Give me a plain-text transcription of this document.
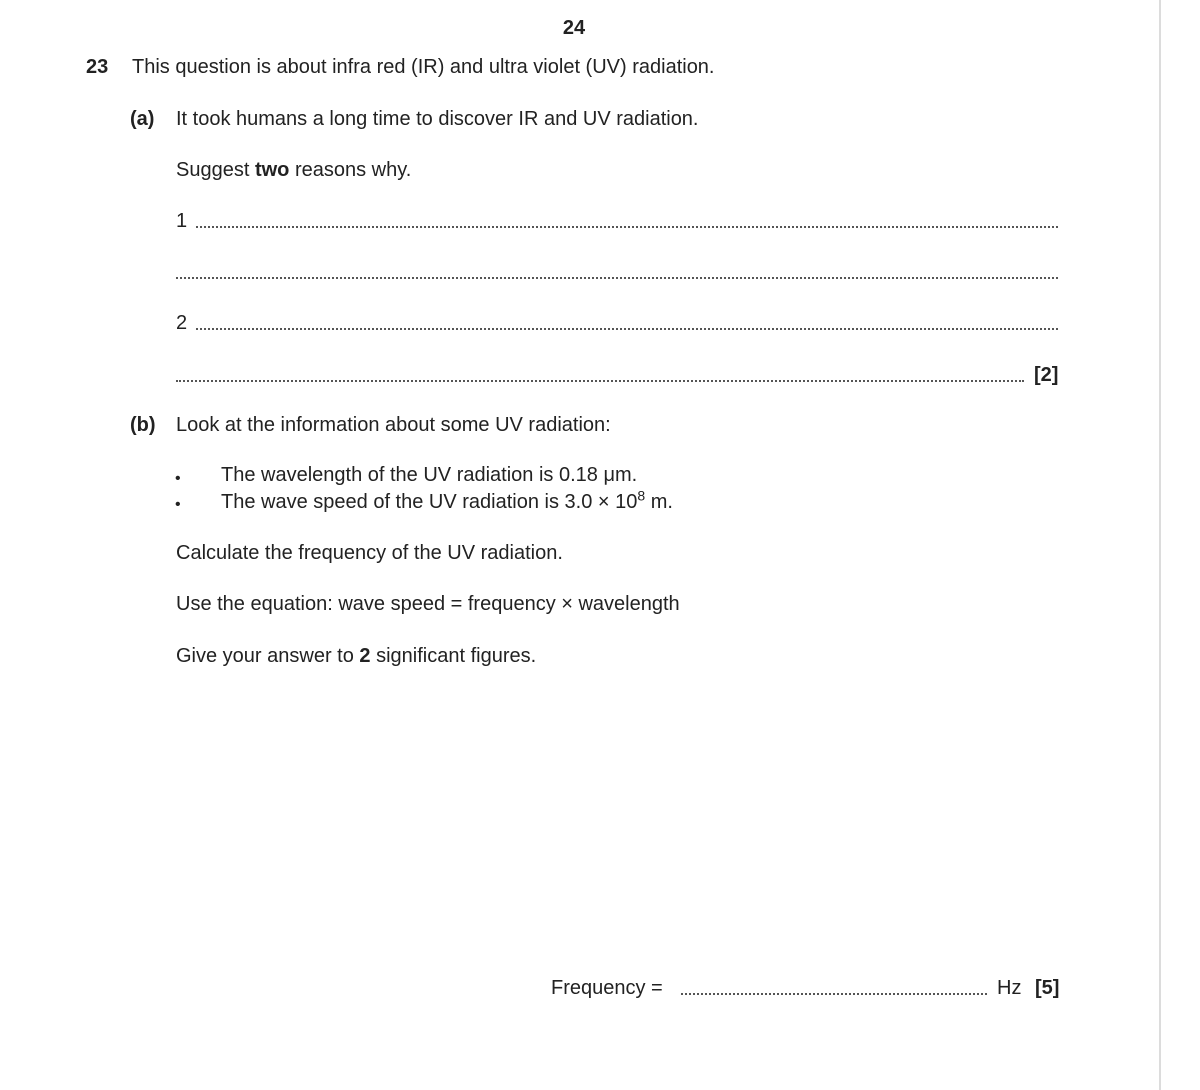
24
23 This question is about infra red (IR) and ultra violet (UV) radiation.
(a) It took humans a long time to discover IR and UV radiation.
Suggest two reasons why.
1
2
[2]
(b) Look at the information about some UV radiation:
• The wavelength of the UV radiation is 0.18 μm.
• The wave speed of the UV radiation is $3.0 \times 10^8$ m.
Calculate the frequency of the UV radiation.
Use the equation: wave speed = frequency × wavelength
Give your answer to 2 significant figures.
Frequency =	Hz [5]
